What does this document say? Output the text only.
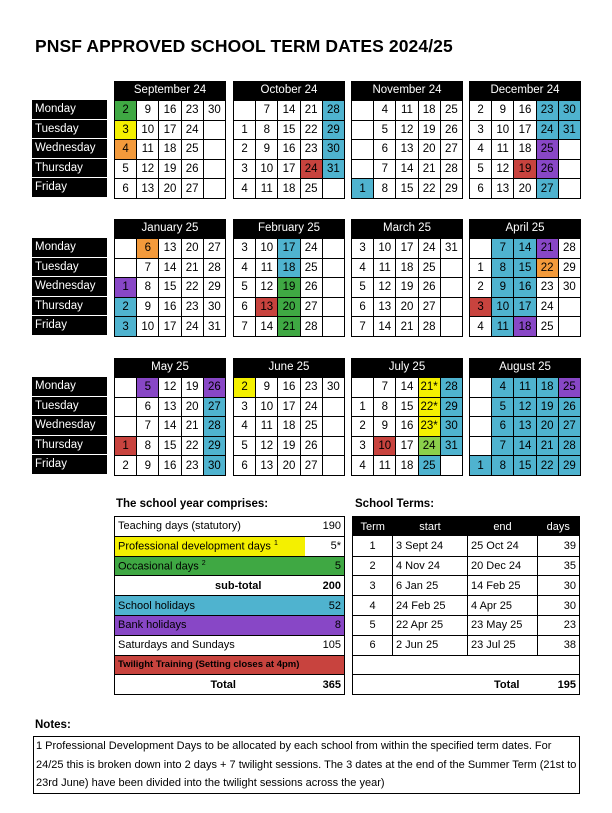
PNSF APPROVED SCHOOL TERM DATES 2024/25
Monday
Tuesday
Wednesday
Thursday
Friday
Monday
Tuesday
Wednesday
Thursday
Friday
Monday
Tuesday
Wednesday
Thursday
Friday
September 24
2	9	16	23	30
3	10	17	24	
4	11	18	25	
5	12	19	26	
6	13	20	27	
October 24
	7	14	21	28
1	8	15	22	29
2	9	16	23	30
3	10	17	24	31
4	11	18	25	
November 24
	4	11	18	25
	5	12	19	26
	6	13	20	27
	7	14	21	28
1	8	15	22	29
December 24
2	9	16	23	30
3	10	17	24	31
4	11	18	25	
5	12	19	26	
6	13	20	27	
January 25
	6	13	20	27
	7	14	21	28
1	8	15	22	29
2	9	16	23	30
3	10	17	24	31
February 25
3	10	17	24	
4	11	18	25	
5	12	19	26	
6	13	20	27	
7	14	21	28	
March 25
3	10	17	24	31
4	11	18	25	
5	12	19	26	
6	13	20	27	
7	14	21	28	
April 25
	7	14	21	28
1	8	15	22	29
2	9	16	23	30
3	10	17	24	
4	11	18	25	
May 25
	5	12	19	26
	6	13	20	27
	7	14	21	28
1	8	15	22	29
2	9	16	23	30
June 25
2	9	16	23	30
3	10	17	24	
4	11	18	25	
5	12	19	26	
6	13	20	27	
July 25
	7	14	21*	28
1	8	15	22*	29
2	9	16	23*	30
3	10	17	24	31
4	11	18	25	
August 25
	4	11	18	25
	5	12	19	26
	6	13	20	27
	7	14	21	28
1	8	15	22	29
The school year comprises:
Teaching days (statutory)	190
Professional development days $^1$	5*
Occasional days $^2$	5
sub-total	200
School holidays	52
Bank holidays	8
Saturdays and Sundays	105
Twilight Training (Setting closes at 4pm)	
Total	365
School Terms:
Term	start	end	days
1	3 Sept 24	25 Oct 24	39
2	4 Nov 24	20 Dec 24	35
3	6 Jan 25	14 Feb 25	30
4	24 Feb 25	4 Apr 25	30
5	22 Apr 25	23 May 25	23
6	2 Jun 25	23 Jul 25	38

Total			195
Notes:
1 Professional Development Days to be allocated by each school from within the specified term dates. For 24/25 this is broken down into 2 days + 7 twilight sessions. The 3 dates at the end of the Summer Term (21st to 23rd June) have been divided into the twilight sessions across the year)
